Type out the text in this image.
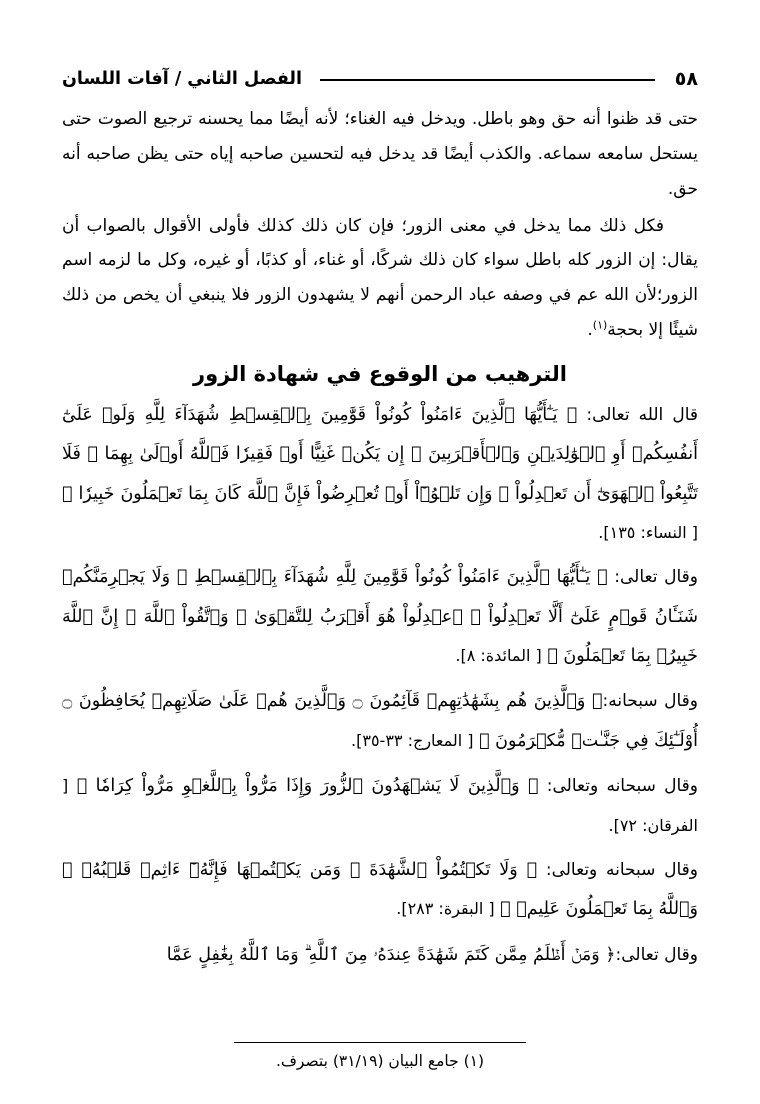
٥٨
الفصل الثاني / آفات اللسان

حتى قد ظنوا أنه حق وهو باطل. ويدخل فيه الغناء؛ لأنه أيضًا مما يحسنه ترجيع الصوت حتى يستحل سامعه سماعه. والكذب أيضًا قد يدخل فيه لتحسين صاحبه إياه حتى يظن صاحبه أنه حق.

فكل ذلك مما يدخل في معنى الزور؛ فإن كان ذلك كذلك فأولى الأقوال بالصواب أن يقال: إن الزور كله باطل سواء كان ذلك شركًا، أو غناء، أو كذبًا، أو غيره، وكل ما لزمه اسم الزور؛لأن الله عم في وصفه عباد الرحمن أنهم لا يشهدون الزور فلا ينبغي أن يخص من ذلك شيئًا إلا بحجة$^{(١)}$.

الترهيب من الوقوع في شهادة الزور

قال الله تعالى: ﴿ يَـٰٓأَيُّهَا ٱلَّذِينَ ءَامَنُواْ كُونُواْ قَوَّٰمِينَ بِٱلۡقِسۡطِ شُهَدَآءَ لِلَّهِ وَلَوۡ عَلَىٰٓ أَنفُسِكُمۡ أَوِ ٱلۡوَٰلِدَيۡنِ وَٱلۡأَقۡرَبِينَ ۚ إِن يَكُنۡ غَنِيًّا أَوۡ فَقِيرٗا فَٱللَّهُ أَوۡلَىٰ بِهِمَا ۖ فَلَا تَتَّبِعُواْ ٱلۡهَوَىٰٓ أَن تَعۡدِلُواْ ۚ وَإِن تَلۡوُۥٓاْ أَوۡ تُعۡرِضُواْ فَإِنَّ ٱللَّهَ كَانَ بِمَا تَعۡمَلُونَ خَبِيرٗا ﴾ [ النساء: ١٣٥].

وقال تعالى: ﴿ يَـٰٓأَيُّهَا ٱلَّذِينَ ءَامَنُواْ كُونُواْ قَوَّٰمِينَ لِلَّهِ شُهَدَآءَ بِٱلۡقِسۡطِ ۖ وَلَا يَجۡرِمَنَّكُمۡ شَنَـَٔانُ قَوۡمٍ عَلَىٰٓ أَلَّا تَعۡدِلُواْ ۚ ٱعۡدِلُواْ هُوَ أَقۡرَبُ لِلتَّقۡوَىٰ ۖ وَٱتَّقُواْ ٱللَّهَ ۚ إِنَّ ٱللَّهَ خَبِيرُۢ بِمَا تَعۡمَلُونَ ﴾ [ المائدة: ٨].

وقال سبحانه:﴿ وَٱلَّذِينَ هُم بِشَهَٰدَٰتِهِمۡ قَآئِمُونَ ۝ وَٱلَّذِينَ هُمۡ عَلَىٰ صَلَاتِهِمۡ يُحَافِظُونَ ۝ أُوْلَـٰٓئِكَ فِي جَنَّـٰتٖ مُّكۡرَمُونَ ﴾ [ المعارج: ٣٣-٣٥].

وقال سبحانه وتعالى: ﴿ وَٱلَّذِينَ لَا يَشۡهَدُونَ ٱلزُّورَ وَإِذَا مَرُّواْ بِٱللَّغۡوِ مَرُّواْ كِرَامٗا ﴾ [ الفرقان: ٧٢].

وقال سبحانه وتعالى: ﴿ وَلَا تَكۡتُمُواْ ٱلشَّهَٰدَةَ ۚ وَمَن يَكۡتُمۡهَا فَإِنَّهُۥٓ ءَاثِمٞ قَلۡبُهُۥ ۗ وَٱللَّهُ بِمَا تَعۡمَلُونَ عَلِيمٞ ﴾ [ البقرة: ٢٨٣].

وقال تعالى:﴿ وَمَنۡ أَظۡلَمُ مِمَّن كَتَمَ شَهَٰدَةً عِندَهُۥ مِنَ ٱللَّهِ ۗ وَمَا ٱللَّهُ بِغَٰفِلٍ عَمَّا

(١) جامع البيان (٣١/١٩) بتصرف.
